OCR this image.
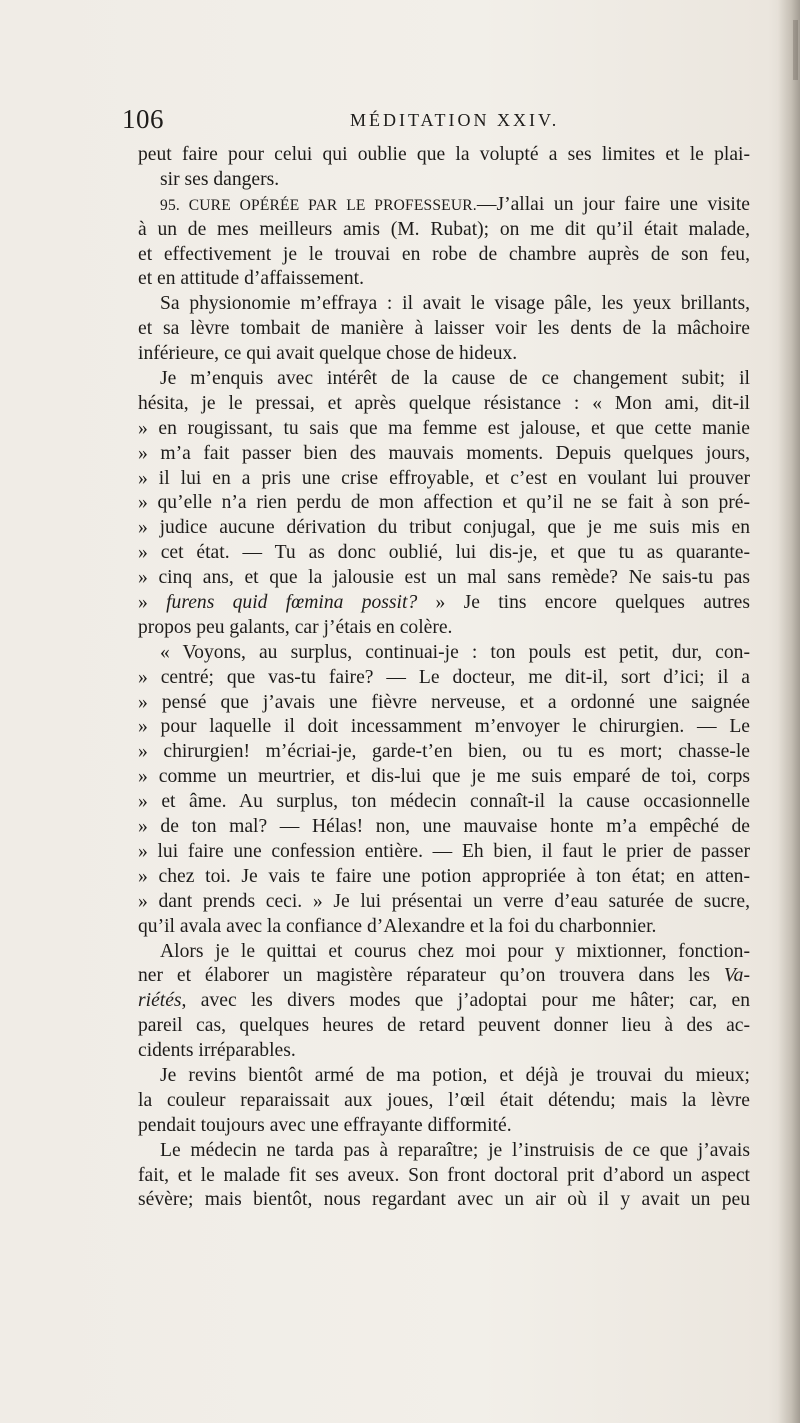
106	MÉDITATION XXIV.
peut faire pour celui qui oublie que la volupté a ses limites et le plai-
sir ses dangers.
95. CURE OPÉRÉE PAR LE PROFESSEUR.—J’allai un jour faire une visite
à un de mes meilleurs amis (M. Rubat); on me dit qu’il était malade,
et effectivement je le trouvai en robe de chambre auprès de son feu,
et en attitude d’affaissement.
Sa physionomie m’effraya : il avait le visage pâle, les yeux brillants,
et sa lèvre tombait de manière à laisser voir les dents de la mâchoire
inférieure, ce qui avait quelque chose de hideux.
Je m’enquis avec intérêt de la cause de ce changement subit; il
hésita, je le pressai, et après quelque résistance : « Mon ami, dit-il
» en rougissant, tu sais que ma femme est jalouse, et que cette manie
» m’a fait passer bien des mauvais moments. Depuis quelques jours,
» il lui en a pris une crise effroyable, et c’est en voulant lui prouver
» qu’elle n’a rien perdu de mon affection et qu’il ne se fait à son pré-
» judice aucune dérivation du tribut conjugal, que je me suis mis en
» cet état. — Tu as donc oublié, lui dis-je, et que tu as quarante-
» cinq ans, et que la jalousie est un mal sans remède? Ne sais-tu pas
» furens quid fœmina possit? » Je tins encore quelques autres
propos peu galants, car j’étais en colère.
« Voyons, au surplus, continuai-je : ton pouls est petit, dur, con-
» centré; que vas-tu faire? — Le docteur, me dit-il, sort d’ici; il a
» pensé que j’avais une fièvre nerveuse, et a ordonné une saignée
» pour laquelle il doit incessamment m’envoyer le chirurgien. — Le
» chirurgien! m’écriai-je, garde-t’en bien, ou tu es mort; chasse-le
» comme un meurtrier, et dis-lui que je me suis emparé de toi, corps
» et âme. Au surplus, ton médecin connaît-il la cause occasionnelle
» de ton mal? — Hélas! non, une mauvaise honte m’a empêché de
» lui faire une confession entière. — Eh bien, il faut le prier de passer
» chez toi. Je vais te faire une potion appropriée à ton état; en atten-
» dant prends ceci. » Je lui présentai un verre d’eau saturée de sucre,
qu’il avala avec la confiance d’Alexandre et la foi du charbonnier.
Alors je le quittai et courus chez moi pour y mixtionner, fonction-
ner et élaborer un magistère réparateur qu’on trouvera dans les Va-
riétés, avec les divers modes que j’adoptai pour me hâter; car, en
pareil cas, quelques heures de retard peuvent donner lieu à des ac-
cidents irréparables.
Je revins bientôt armé de ma potion, et déjà je trouvai du mieux;
la couleur reparaissait aux joues, l’œil était détendu; mais la lèvre
pendait toujours avec une effrayante difformité.
Le médecin ne tarda pas à reparaître; je l’instruisis de ce que j’avais
fait, et le malade fit ses aveux. Son front doctoral prit d’abord un aspect
sévère; mais bientôt, nous regardant avec un air où il y avait un peu
